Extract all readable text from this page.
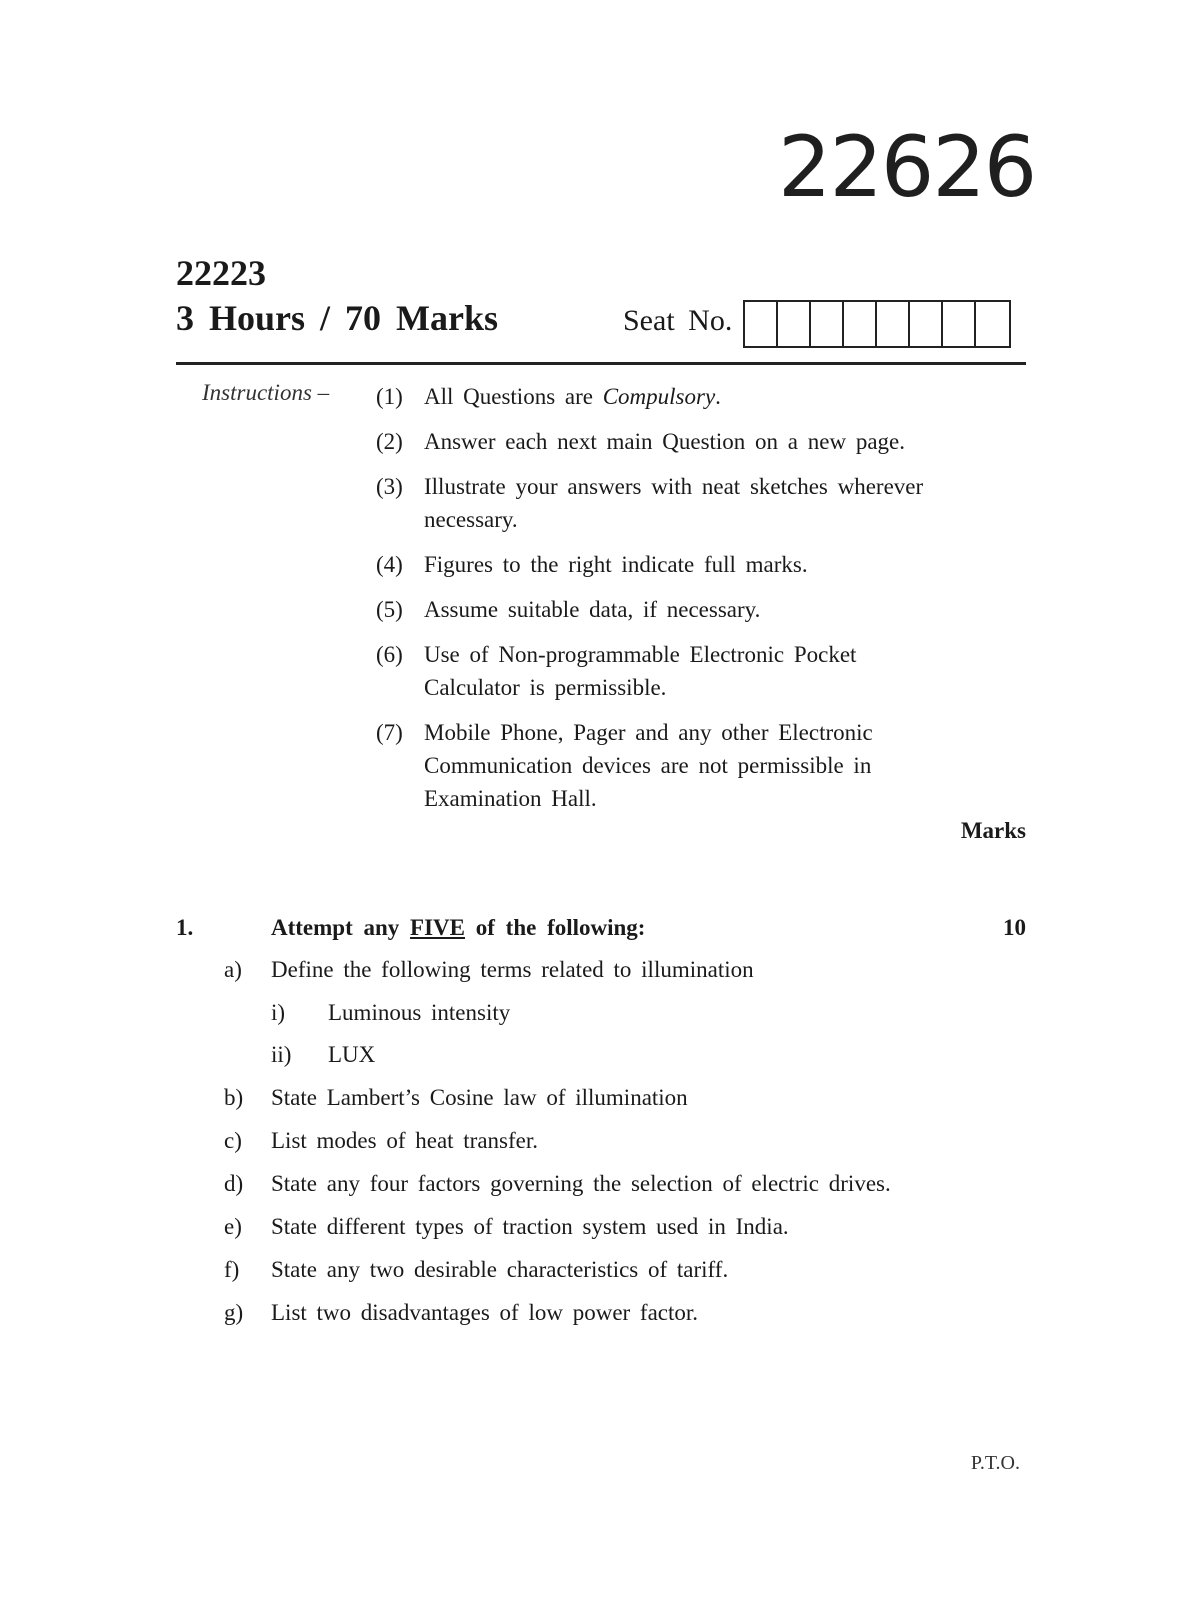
22626
22223
3 Hours / 70 Marks	Seat No.
Instructions – (1) All Questions are Compulsory.
(2) Answer each next main Question on a new page.
(3) Illustrate your answers with neat sketches wherever necessary.
(4) Figures to the right indicate full marks.
(5) Assume suitable data, if necessary.
(6) Use of Non-programmable Electronic Pocket Calculator is permissible.
(7) Mobile Phone, Pager and any other Electronic Communication devices are not permissible in Examination Hall.
Marks
1.	Attempt any FIVE of the following:	10
a) Define the following terms related to illumination
i) Luminous intensity
ii) LUX
b) State Lambert’s Cosine law of illumination
c) List modes of heat transfer.
d) State any four factors governing the selection of electric drives.
e) State different types of traction system used in India.
f) State any two desirable characteristics of tariff.
g) List two disadvantages of low power factor.
P.T.O.
